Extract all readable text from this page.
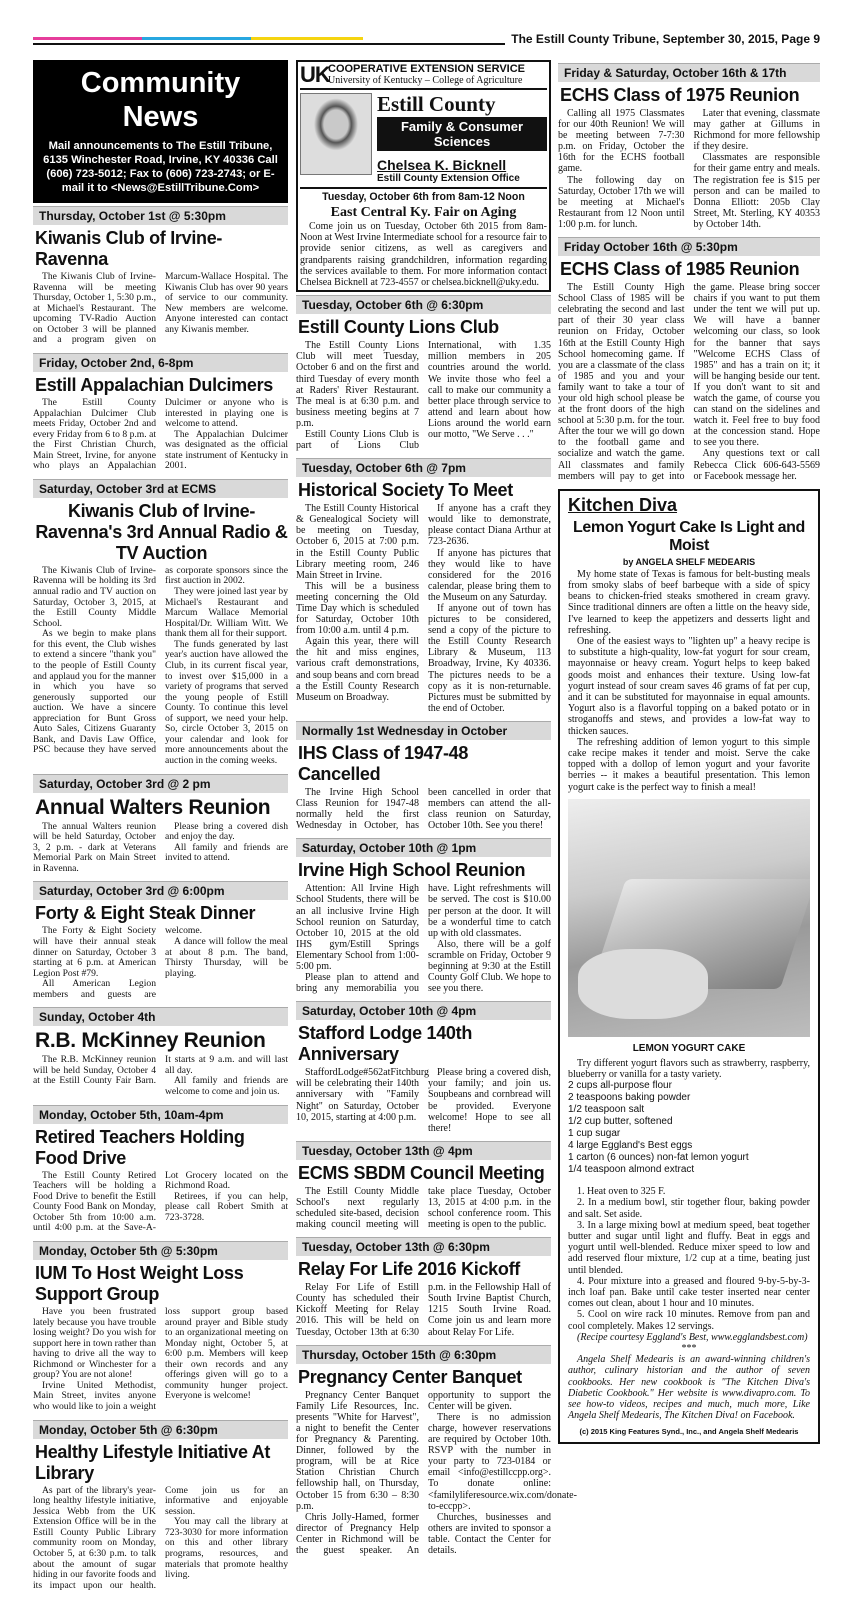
The Estill County Tribune, September 30, 2015, Page 9
Community News
Mail announcements to The Estill Tribune, 6135 Winchester Road, Irvine, KY 40336 Call (606) 723-5012; Fax to (606) 723-2743; or E-mail it to <News@EstillTribune.Com>
Thursday, October 1st @ 5:30pm
Kiwanis Club of Irvine-Ravenna

The Kiwanis Club of Irvine-Ravenna will be meeting Thursday, October 1, 5:30 p.m., at Michael's Restaurant. The upcoming TV-Radio Auction on October 3 will be planned and a program given on Marcum-Wallace Hospital. The Kiwanis Club has over 90 years of service to our community. New members are welcome. Anyone interested can contact any Kiwanis member.

Friday, October 2nd, 6-8pm
Estill Appalachian Dulcimers

The Estill County Appalachian Dulcimer Club meets Friday, October 2nd and every Friday from 6 to 8 p.m. at the First Christian Church, Main Street, Irvine, for anyone who plays an Appalachian Dulcimer or anyone who is interested in playing one is welcome to attend.

The Appalachian Dulcimer was designated as the official state instrument of Kentucky in 2001.

Saturday, October 3rd at ECMS
Kiwanis Club of Irvine-Ravenna's 3rd Annual Radio & TV Auction

The Kiwanis Club of Irvine-Ravenna will be holding its 3rd annual radio and TV auction on Saturday, October 3, 2015, at the Estill County Middle School.

As we begin to make plans for this event, the Club wishes to extend a sincere "thank you" to the people of Estill County and applaud you for the manner in which you have so generously supported our auction. We have a sincere appreciation for Bunt Gross Auto Sales, Citizens Guaranty Bank, and Davis Law Office, PSC because they have served as corporate sponsors since the first auction in 2002.

They were joined last year by Michael's Restaurant and Marcum Wallace Memorial Hospital/Dr. William Witt. We thank them all for their support.

The funds generated by last year's auction have allowed the Club, in its current fiscal year, to invest over $15,000 in a variety of programs that served the young people of Estill County. To continue this level of support, we need your help. So, circle October 3, 2015 on your calendar and look for more announcements about the auction in the coming weeks.

Saturday, October 3rd @ 2 pm
Annual Walters Reunion

The annual Walters reunion will be held Saturday, October 3, 2 p.m. - dark at Veterans Memorial Park on Main Street in Ravenna.

Please bring a covered dish and enjoy the day.

All family and friends are invited to attend.

Saturday, October 3rd @ 6:00pm
Forty & Eight Steak Dinner

The Forty & Eight Society will have their annual steak dinner on Saturday, October 3 starting at 6 p.m. at American Legion Post #79.

All American Legion members and guests are welcome.

A dance will follow the meal at about 8 p.m. The band, Thirsty Thursday, will be playing.

Sunday, October 4th
R.B. McKinney Reunion

The R.B. McKinney reunion will be held Sunday, October 4 at the Estill County Fair Barn. It starts at 9 a.m. and will last all day.

All family and friends are welcome to come and join us.

Monday, October 5th, 10am-4pm
Retired Teachers Holding Food Drive

The Estill County Retired Teachers will be holding a Food Drive to benefit the Estill County Food Bank on Monday, October 5th from 10:00 a.m. until 4:00 p.m. at the Save-A-Lot Grocery located on the Richmond Road.

Retirees, if you can help, please call Robert Smith at 723-3728.

Monday, October 5th @ 5:30pm
IUM To Host Weight Loss Support Group

Have you been frustrated lately because you have trouble losing weight? Do you wish for support here in town rather than having to drive all the way to Richmond or Winchester for a group? You are not alone!

Irvine United Methodist, Main Street, invites anyone who would like to join a weight loss support group based around prayer and Bible study to an organizational meeting on Monday night, October 5, at 6:00 p.m. Members will keep their own records and any offerings given will go to a community hunger project. Everyone is welcome!

Monday, October 5th @ 6:30pm
Healthy Lifestyle Initiative At Library

As part of the library's year-long healthy lifestyle initiative, Jessica Webb from the UK Extension Office will be in the Estill County Public Library community room on Monday, October 5, at 6:30 p.m. to talk about the amount of sugar hiding in our favorite foods and its impact upon our health. Come join us for an informative and enjoyable session.

You may call the library at 723-3030 for more information on this and other library programs, resources, and materials that promote healthy living.

UK
COOPERATIVE EXTENSION SERVICE
University of Kentucky – College of Agriculture
Estill County
Family & Consumer Sciences
Chelsea K. Bicknell
Estill County Extension Office
Tuesday, October 6th from 8am-12 Noon
East Central Ky. Fair on Aging

Come join us on Tuesday, October 6th 2015 from 8am-Noon at West Irvine Intermediate school for a resource fair to provide senior citizens, as well as caregivers and grandparents raising grandchildren, information regarding the services available to them. For more information contact Chelsea Bicknell at 723-4557 or chelsea.bicknell@uky.edu.

Tuesday, October 6th @ 6:30pm
Estill County Lions Club

The Estill County Lions Club will meet Tuesday, October 6 and on the first and third Tuesday of every month at Raders' River Restaurant. The meal is at 6:30 p.m. and business meeting begins at 7 p.m.

Estill County Lions Club is part of Lions Club International, with 1.35 million members in 205 countries around the world. We invite those who feel a call to make our community a better place through service to attend and learn about how Lions around the world earn our motto, "We Serve . . ."

Tuesday, October 6th @ 7pm
Historical Society To Meet

The Estill County Historical & Genealogical Society will be meeting on Tuesday, October 6, 2015 at 7:00 p.m. in the Estill County Public Library meeting room, 246 Main Street in Irvine.

This will be a business meeting concerning the Old Time Day which is scheduled for Saturday, October 10th from 10:00 a.m. until 4 p.m.

Again this year, there will the hit and miss engines, various craft demonstrations, and soup beans and corn bread a the Estill County Research Museum on Broadway.

If anyone has a craft they would like to demonstrate, please contact Diana Arthur at 723-2636.

If anyone has pictures that they would like to have considered for the 2016 calendar, please bring them to the Museum on any Saturday.

If anyone out of town has pictures to be considered, send a copy of the picture to the Estill County Research Library & Museum, 113 Broadway, Irvine, Ky 40336. The pictures needs to be a copy as it is non-returnable. Pictures must be submitted by the end of October.

Normally 1st Wednesday in October
IHS Class of 1947-48 Cancelled

The Irvine High School Class Reunion for 1947-48 normally held the first Wednesday in October, has been cancelled in order that members can attend the all-class reunion on Saturday, October 10th. See you there!

Saturday, October 10th @ 1pm
Irvine High School Reunion

Attention: All Irvine High School Students, there will be an all inclusive Irvine High School reunion on Saturday, October 10, 2015 at the old IHS gym/Estill Springs Elementary School from 1:00-5:00 pm.

Please plan to attend and bring any memorabilia you have. Light refreshments will be served. The cost is $10.00 per person at the door. It will be a wonderful time to catch up with old classmates.

Also, there will be a golf scramble on Friday, October 9 beginning at 9:30 at the Estill County Golf Club. We hope to see you there.

Saturday, October 10th @ 4pm
Stafford Lodge 140th Anniversary

StaffordLodge#562atFitchburg will be celebrating their 140th anniversary with "Family Night" on Saturday, October 10, 2015, starting at 4:00 p.m.

Please bring a covered dish, your family; and join us. Soupbeans and cornbread will be provided. Everyone welcome! Hope to see all there!

Tuesday, October 13th @ 4pm
ECMS SBDM Council Meeting

The Estill County Middle School's next regularly scheduled site-based, decision making council meeting will take place Tuesday, October 13, 2015 at 4:00 p.m. in the school conference room. This meeting is open to the public.

Tuesday, October 13th @ 6:30pm
Relay For Life 2016 Kickoff

Relay For Life of Estill County has scheduled their Kickoff Meeting for Relay 2016. This will be held on Tuesday, October 13th at 6:30 p.m. in the Fellowship Hall of South Irvine Baptist Church, 1215 South Irvine Road. Come join us and learn more about Relay For Life.

Thursday, October 15th @ 6:30pm
Pregnancy Center Banquet

Pregnancy Center Banquet Family Life Resources, Inc. presents "White for Harvest", a night to benefit the Center for Pregnancy & Parenting. Dinner, followed by the program, will be at Rice Station Christian Church fellowship hall, on Thursday, October 15 from 6:30 – 8:30 p.m.

Chris Jolly-Hamed, former director of Pregnancy Help Center in Richmond will be the guest speaker. An opportunity to support the Center will be given.

There is no admission charge, however reservations are required by October 10th. RSVP with the number in your party to 723-0184 or email <info@estillccpp.org>. To donate online: <familyliferesource.wix.com/donate-to-eccpp>.

Churches, businesses and others are invited to sponsor a table. Contact the Center for details.

Friday & Saturday, October 16th & 17th
ECHS Class of 1975 Reunion

Calling all 1975 Classmates for our 40th Reunion! We will be meeting between 7-7:30 p.m. on Friday, October the 16th for the ECHS football game.

The following day on Saturday, October 17th we will be meeting at Michael's Restaurant from 12 Noon until 1:00 p.m. for lunch.

Later that evening, classmate may gather at Gillums in Richmond for more fellowship if they desire.

Classmates are responsible for their game entry and meals. The registration fee is $15 per person and can be mailed to Donna Elliott: 205b Clay Street, Mt. Sterling, KY 40353 by October 14th.

Friday October 16th @ 5:30pm
ECHS Class of 1985 Reunion

The Estill County High School Class of 1985 will be celebrating the second and last part of their 30 year class reunion on Friday, October 16th at the Estill County High School homecoming game. If you are a classmate of the class of 1985 and you and your family want to take a tour of your old high school please be at the front doors of the high school at 5:30 p.m. for the tour. After the tour we will go down to the football game and socialize and watch the game. All classmates and family members will pay to get into the game. Please bring soccer chairs if you want to put them under the tent we will put up. We will have a banner welcoming our class, so look for the banner that says "Welcome ECHS Class of 1985" and has a train on it; it will be hanging beside our tent. If you don't want to sit and watch the game, of course you can stand on the sidelines and watch it. Feel free to buy food at the concession stand. Hope to see you there.

Any questions text or call Rebecca Click 606-643-5569 or Facebook message her.

Kitchen Diva
Lemon Yogurt Cake Is Light and Moist
by ANGELA SHELF MEDEARIS

My home state of Texas is famous for belt-busting meals from smoky slabs of beef barbeque with a side of spicy beans to chicken-fried steaks smothered in cream gravy. Since traditional dinners are often a little on the heavy side, I've learned to keep the appetizers and desserts light and refreshing.

One of the easiest ways to "lighten up" a heavy recipe is to substitute a high-quality, low-fat yogurt for sour cream, mayonnaise or heavy cream. Yogurt helps to keep baked goods moist and enhances their texture. Using low-fat yogurt instead of sour cream saves 46 grams of fat per cup, and it can be substituted for mayonnaise in equal amounts. Yogurt also is a flavorful topping on a baked potato or in stroganoffs and stews, and provides a low-fat way to thicken sauces.

The refreshing addition of lemon yogurt to this simple cake recipe makes it tender and moist. Serve the cake topped with a dollop of lemon yogurt and your favorite berries -- it makes a beautiful presentation. This lemon yogurt cake is the perfect way to finish a meal!

LEMON YOGURT CAKE

Try different yogurt flavors such as strawberry, raspberry, blueberry or vanilla for a tasty variety.

2 cups all-purpose flour
2 teaspoons baking powder
1/2 teaspoon salt
1/2 cup butter, softened
1 cup sugar
4 large Eggland's Best eggs
1 carton (6 ounces) non-fat lemon yogurt
1/4 teaspoon almond extract

1. Heat oven to 325 F.

2. In a medium bowl, stir together flour, baking powder and salt. Set aside.

3. In a large mixing bowl at medium speed, beat together butter and sugar until light and fluffy. Beat in eggs and yogurt until well-blended. Reduce mixer speed to low and add reserved flour mixture, 1/2 cup at a time, beating just until blended.

4. Pour mixture into a greased and floured 9-by-5-by-3-inch loaf pan. Bake until cake tester inserted near center comes out clean, about 1 hour and 10 minutes.

5. Cool on wire rack 10 minutes. Remove from pan and cool completely. Makes 12 servings.

(Recipe courtesy Eggland's Best, www.egglandsbest.com)

***

Angela Shelf Medearis is an award-winning children's author, culinary historian and the author of seven cookbooks. Her new cookbook is "The Kitchen Diva's Diabetic Cookbook." Her website is www.divapro.com. To see how-to videos, recipes and much, much more, Like Angela Shelf Medearis, The Kitchen Diva! on Facebook.

(c) 2015 King Features Synd., Inc., and Angela Shelf Medearis
